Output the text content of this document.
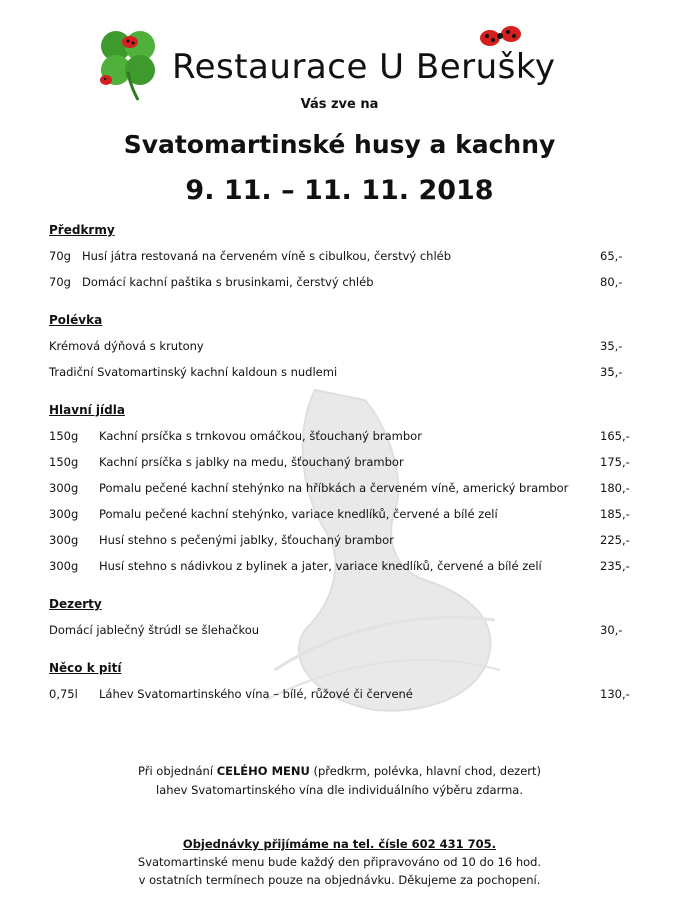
Restaurace U Berušky
Vás zve na
Svatomartinské husy a kachny
9. 11. – 11. 11. 2018
Předkrmy
70g Husí játra restovaná na červeném víně s cibulkou, čerstvý chléb	65,-
70g Domácí kachní paštika s brusinkami, čerstvý chléb	80,-
Polévka
Krémová dýňová s krutony	35,-
Tradiční Svatomartinský kachní kaldoun s nudlemi	35,-
Hlavní jídla
150g Kachní prsíčka s trnkovou omáčkou, šťouchaný brambor	165,-
150g Kachní prsíčka s jablky na medu, šťouchaný brambor	175,-
300g Pomalu pečené kachní stehýnko na hříbkách a červeném víně, americký brambor	180,-
300g Pomalu pečené kachní stehýnko, variace knedlíků, červené a bílé zelí	185,-
300g Husí stehno s pečenými jablky, šťouchaný brambor	225,-
300g Husí stehno s nádivkou z bylinek a jater, variace knedlíků, červené a bílé zelí	235,-
Dezerty
Domácí jablečný štrúdl se šlehačkou	30,-
Něco k pití
0,75l Láhev Svatomartinského vína – bílé, růžové či červené	130,-
Při objednání CELÉHO MENU (předkrm, polévka, hlavní chod, dezert)
lahev Svatomartinského vína dle individuálního výběru zdarma.
Objednávky přijímáme na tel. čísle 602 431 705.
Svatomartinské menu bude každý den připravováno od 10 do 16 hod.
v ostatních termínech pouze na objednávku. Děkujeme za pochopení.
